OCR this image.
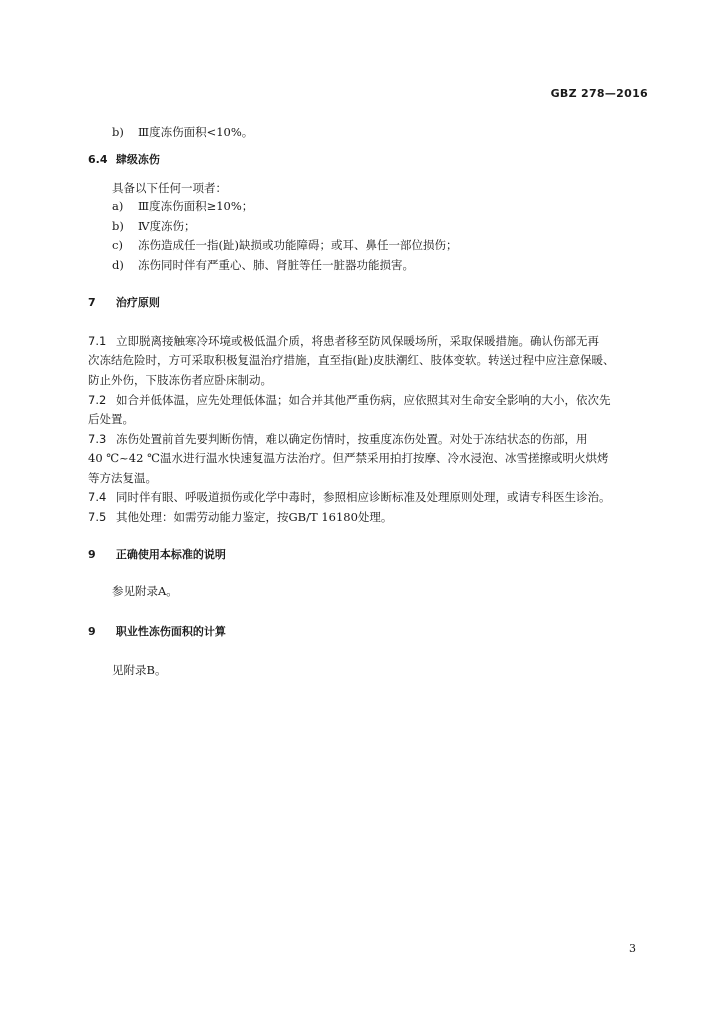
GBZ 278—2016
b) Ⅲ度冻伤面积<10%。
6.4 肆级冻伤
具备以下任何一项者：
a) Ⅲ度冻伤面积≥10%；
b) Ⅳ度冻伤；
c) 冻伤造成任一指(趾)缺损或功能障碍；或耳、鼻任一部位损伤；
d) 冻伤同时伴有严重心、肺、肾脏等任一脏器功能损害。
7 治疗原则
7.1 立即脱离接触寒冷环境或极低温介质，将患者移至防风保暖场所，采取保暖措施。确认伤部无再
次冻结危险时，方可采取积极复温治疗措施，直至指(趾)皮肤潮红、肢体变软。转送过程中应注意保暖、
防止外伤，下肢冻伤者应卧床制动。
7.2 如合并低体温，应先处理低体温；如合并其他严重伤病，应依照其对生命安全影响的大小，依次先
后处置。
7.3 冻伤处置前首先要判断伤情，难以确定伤情时，按重度冻伤处置。对处于冻结状态的伤部，用
40 ℃~42 ℃温水进行温水快速复温方法治疗。但严禁采用拍打按摩、冷水浸泡、冰雪搓擦或明火烘烤
等方法复温。
7.4 同时伴有眼、呼吸道损伤或化学中毒时，参照相应诊断标准及处理原则处理，或请专科医生诊治。
7.5 其他处理：如需劳动能力鉴定，按GB/T 16180处理。
9 正确使用本标准的说明
参见附录A。
9 职业性冻伤面积的计算
见附录B。
3
